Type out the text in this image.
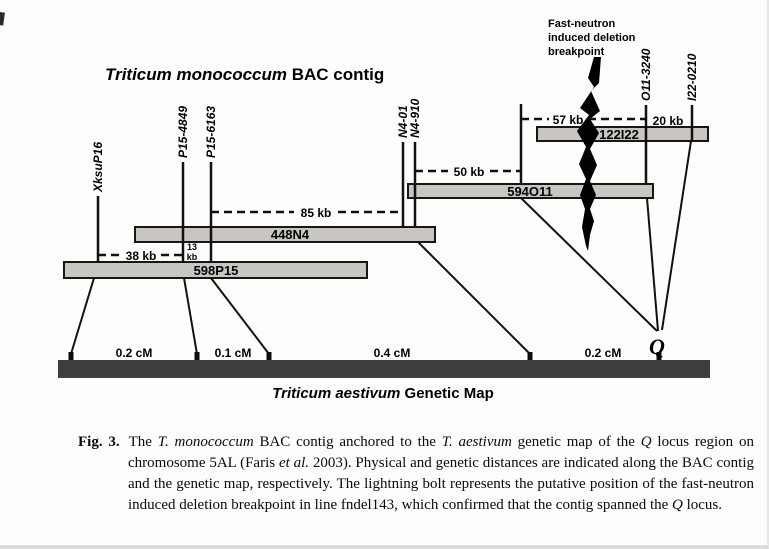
Triticum monococcum BAC contig
Fast-neutron
induced deletion
breakpoint
XksuP16
P15-4849 P15-6163	N4-01
N4-910
O11-3240	I22-0210
598P15
448N4
594O11
122I22
38 kb
13
kb
85 kb
50 kb
57 kb	20 kb
0.2 cM	0.1 cM	0.4 cM	0.2 cM Q
Triticum aestivum Genetic Map
Fig. 3. The T. monococcum BAC contig anchored to the T. aestivum genetic map of the Q locus region on chromosome 5AL (Faris et al. 2003). Physical and genetic distances are indicated along the BAC contig and the genetic map, respectively. The lightning bolt represents the putative position of the fast-neutron induced deletion breakpoint in line fndel143, which confirmed that the contig spanned the Q locus.
